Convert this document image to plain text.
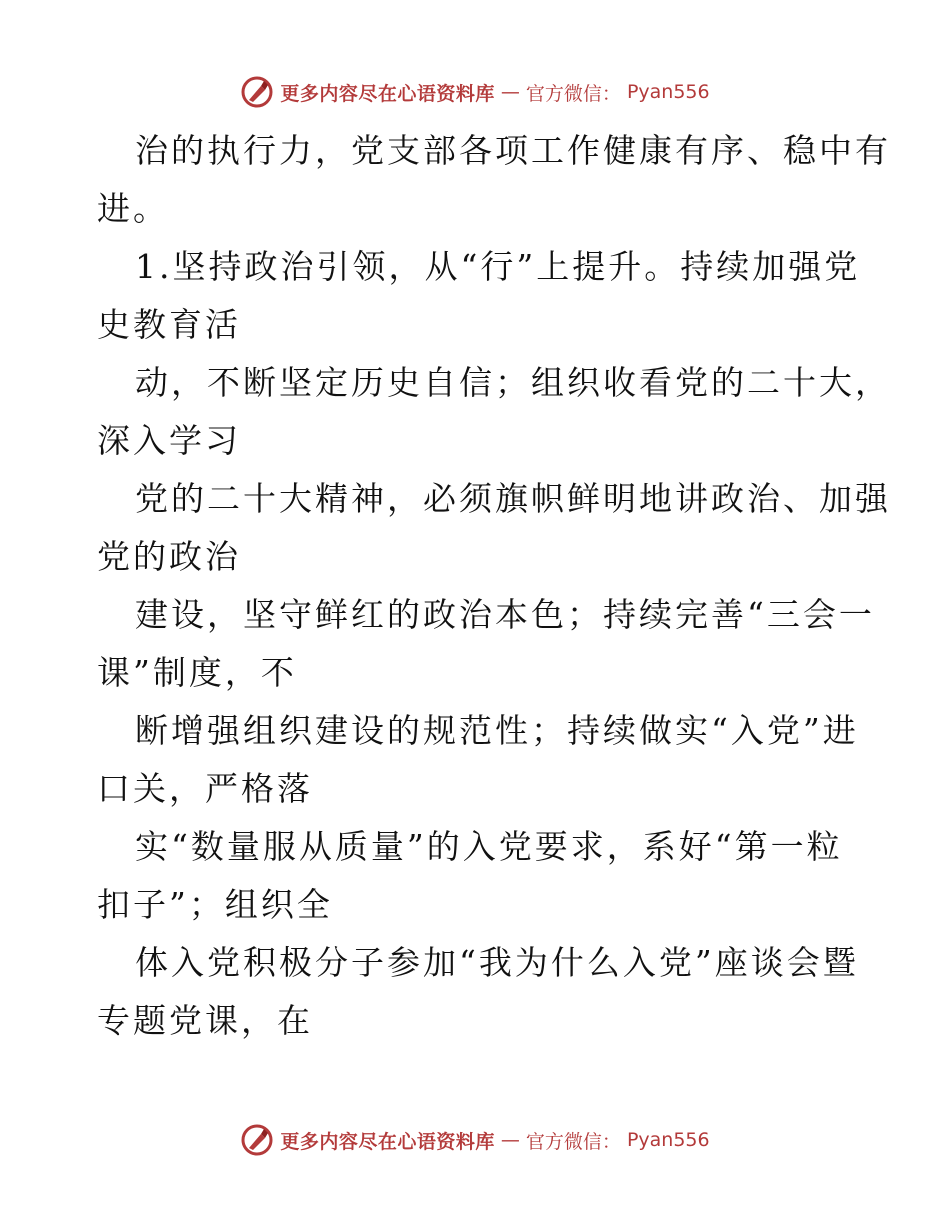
更多内容尽在心语资料库 — 官方微信： Pyan556
治的执行力，党支部各项工作健康有序、稳中有
进。
1.坚持政治引领，从“行”上提升。持续加强党
史教育活
动，不断坚定历史自信；组织收看党的二十大，
深入学习
党的二十大精神，必须旗帜鲜明地讲政治、加强
党的政治
建设，坚守鲜红的政治本色；持续完善“三会一
课”制度，不
断增强组织建设的规范性；持续做实“入党”进
口关，严格落
实“数量服从质量”的入党要求，系好“第一粒
扣子”；组织全
体入党积极分子参加“我为什么入党”座谈会暨
专题党课，在
更多内容尽在心语资料库 — 官方微信： Pyan556
